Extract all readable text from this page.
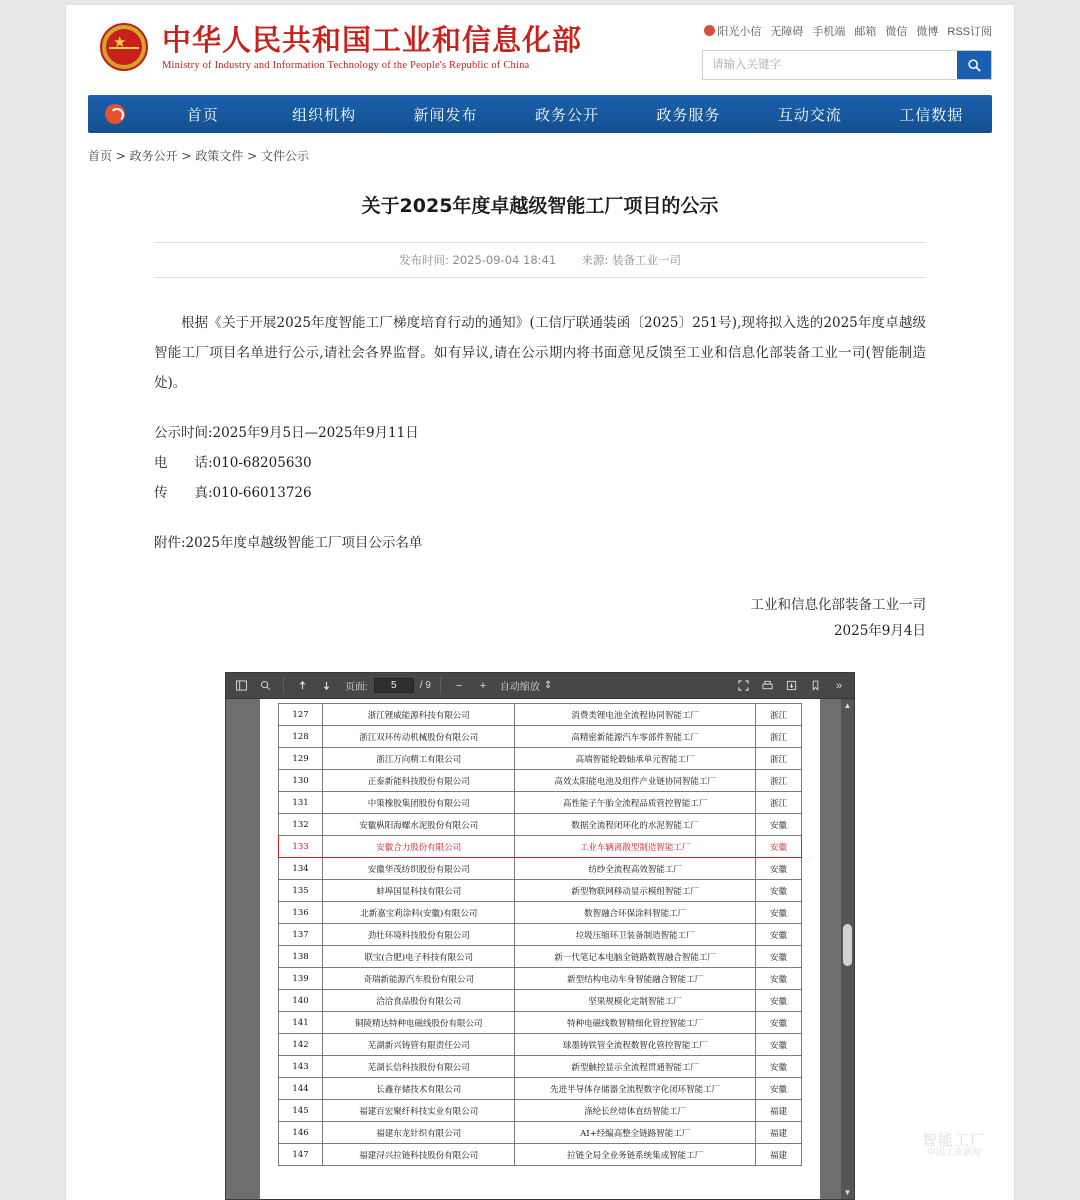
★ 中华人民共和国工业和信息化部
Ministry of Industry and Information Technology of the People's Republic of China
阳光小信 无障碍 手机端 邮箱 微信 微博 RSS订阅
请输入关键字
首页	组织机构	新闻发布	政务公开	政务服务	互动交流	工信数据
首页 > 政务公开 > 政策文件 > 文件公示
关于2025年度卓越级智能工厂项目的公示
发布时间: 2025-09-04 18:41 来源: 装备工业一司

根据《关于开展2025年度智能工厂梯度培育行动的通知》(工信厅联通装函〔2025〕251号),现将拟入选的2025年度卓越级智能工厂项目名单进行公示,请社会各界监督。如有异议,请在公示期内将书面意见反馈至工业和信息化部装备工业一司(智能制造处)。

公示时间:2025年9月5日—2025年9月11日
电　　话:010-68205630
传　　真:010-66013726
附件:2025年度卓越级智能工厂项目公示名单
工业和信息化部装备工业一司
2025年9月4日
页面:
5	/ 9	−	+	自动缩放 ⇕	»
127	浙江锂威能源科技有限公司	消费类锂电池全流程协同智能工厂	浙江
128	浙江双环传动机械股份有限公司	高精密新能源汽车零部件智能工厂	浙江
129	浙江万向精工有限公司	高端智能轮毂轴承单元智能工厂	浙江
130	正泰新能科技股份有限公司	高效太阳能电池及组件产业链协同智能工厂	浙江
131	中策橡胶集团股份有限公司	高性能子午胎全流程品质管控智能工厂	浙江
132	安徽枞阳海螺水泥股份有限公司	数据全流程闭环化的水泥智能工厂	安徽
133	安徽合力股份有限公司	工业车辆离散型制造智能工厂	安徽
134	安徽华茂纺织股份有限公司	纺纱全流程高效智能工厂	安徽
135	蚌埠国显科技有限公司	新型物联网移动显示模组智能工厂	安徽
136	北新嘉宝莉涂料(安徽)有限公司	数智融合环保涂料智能工厂	安徽
137	劲壮环境科技股份有限公司	垃圾压缩环卫装备制造智能工厂	安徽
138	联宝(合肥)电子科技有限公司	新一代笔记本电脑全链路数智融合智能工厂	安徽
139	奇瑞新能源汽车股份有限公司	新型结构电动车身智能融合智能工厂	安徽
140	洽洽食品股份有限公司	坚果规模化定制智能工厂	安徽
141	铜陵精达特种电磁线股份有限公司	特种电磁线数智精细化管控智能工厂	安徽
142	芜湖新兴铸管有限责任公司	球墨铸铁管全流程数智化管控智能工厂	安徽
143	芜湖长信科技股份有限公司	新型触控显示全流程贯通智能工厂	安徽
144	长鑫存储技术有限公司	先进半导体存储器全流程数字化闭环智能工厂	安徽
145	福建百宏聚纤科技实业有限公司	涤纶长丝熔体直纺智能工厂	福建
146	福建东龙针织有限公司	AI+经编高整全链路智能工厂	福建
147	福建浔兴拉链科技股份有限公司	拉链全局全业务链系统集成智能工厂	福建
▲
▼
智能工厂
中国工业新闻
